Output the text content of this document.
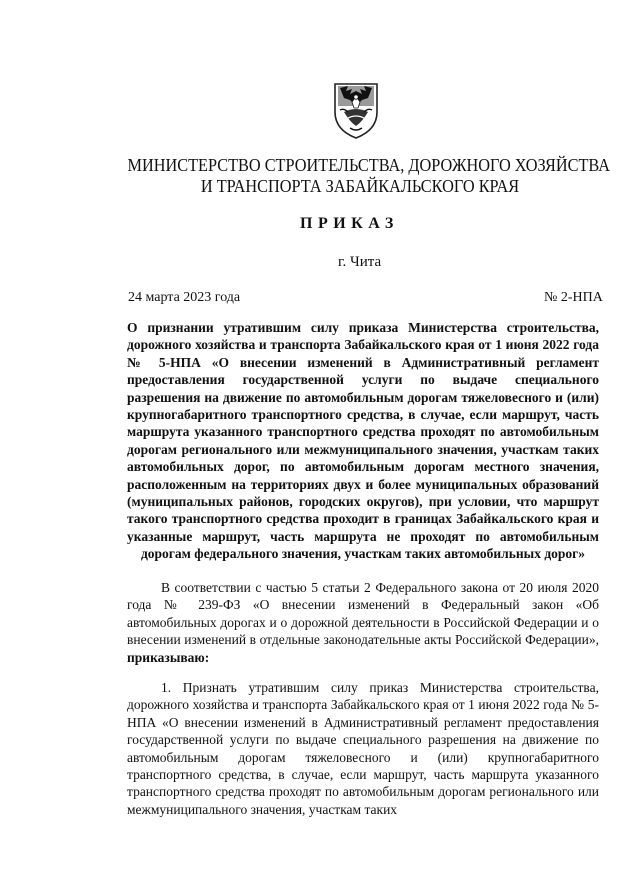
МИНИСТЕРСТВО СТРОИТЕЛЬСТВА, ДОРОЖНОГО ХОЗЯЙСТВА
И ТРАНСПОРТА ЗАБАЙКАЛЬСКОГО КРАЯ
ПРИКАЗ
г. Чита
24 марта 2023 года	№ 2-НПА
О признании утратившим силу приказа Министерства строительства, дорожного хозяйства и транспорта Забайкальского края от 1 июня 2022 года № 5-НПА «О внесении изменений в Административный регламент предоставления государственной услуги по выдаче специального разрешения на движение по автомобильным дорогам тяжеловесного и (или) крупногабаритного транспортного средства, в случае, если маршрут, часть маршрута указанного транспортного средства проходят по автомобильным дорогам регионального или межмуниципального значения, участкам таких автомобильных дорог, по автомобильным дорогам местного значения, расположенным на территориях двух и более муниципальных образований (муниципальных районов, городских округов), при условии, что маршрут такого транспортного средства проходит в границах Забайкальского края и указанные маршрут, часть маршрута не проходят по автомобильным дорогам федерального значения, участкам таких автомобильных дорог»
В соответствии с частью 5 статьи 2 Федерального закона от 20 июля 2020 года № 239-ФЗ «О внесении изменений в Федеральный закон «Об автомобильных дорогах и о дорожной деятельности в Российской Федерации и о внесении изменений в отдельные законодательные акты Российской Федерации», приказываю:
1. Признать утратившим силу приказ Министерства строительства, дорожного хозяйства и транспорта Забайкальского края от 1 июня 2022 года № 5-НПА «О внесении изменений в Административный регламент предоставления государственной услуги по выдаче специального разрешения на движение по автомобильным дорогам тяжеловесного и (или) крупногабаритного транспортного средства, в случае, если маршрут, часть маршрута указанного транспортного средства проходят по автомобильным дорогам регионального или межмуниципального значения, участкам таких
